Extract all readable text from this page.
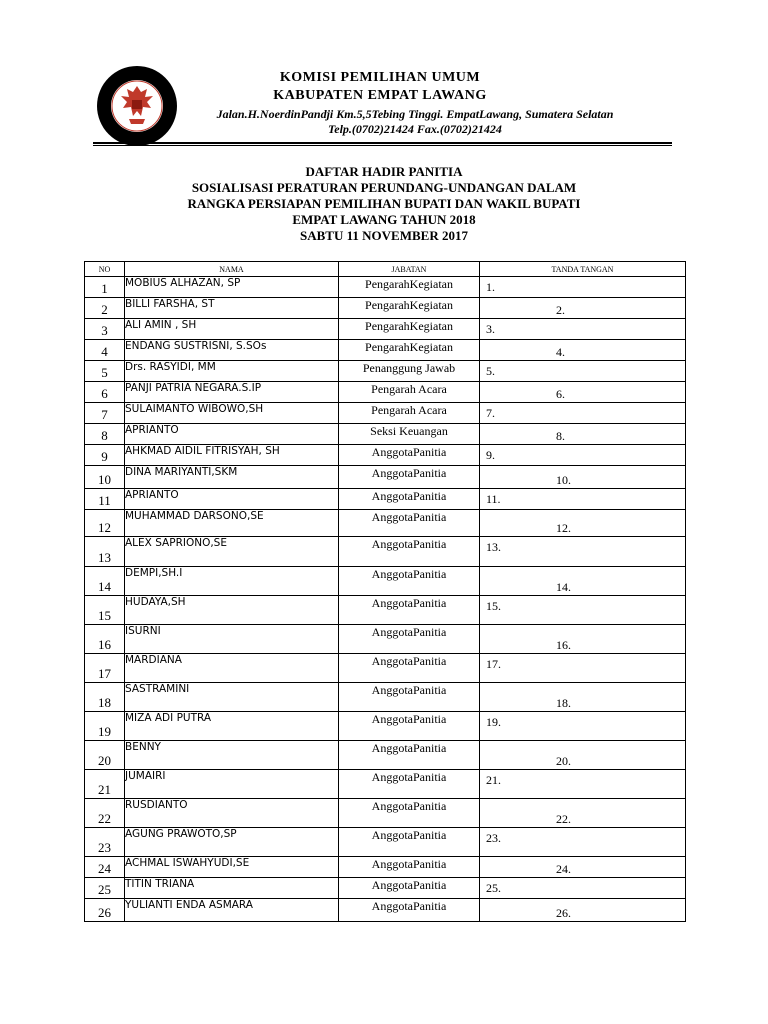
KOMISI PEMILIHAN UMUM
KABUPATEN EMPAT LAWANG
Jalan.H.NoerdinPandji Km.5,5Tebing Tinggi. EmpatLawang, Sumatera Selatan
Telp.(0702)21424 Fax.(0702)21424
DAFTAR HADIR PANITIA
SOSIALISASI PERATURAN PERUNDANG-UNDANGAN DALAM
RANGKA PERSIAPAN PEMILIHAN BUPATI DAN WAKIL BUPATI
EMPAT LAWANG TAHUN 2018
SABTU 11 NOVEMBER 2017
NO	NAMA	JABATAN	TANDA TANGAN
1	MOBIUS ALHAZAN, SP	PengarahKegiatan	1.

2	BILLI FARSHA, ST	PengarahKegiatan	2.

3	ALI AMIN , SH	PengarahKegiatan	3.

4	ENDANG SUSTRISNI, S.SOs	PengarahKegiatan	4.

5	Drs. RASYIDI, MM	Penanggung Jawab	5.

6	PANJI PATRIA NEGARA.S.IP	Pengarah Acara	6.

7	SULAIMANTO WIBOWO,SH	Pengarah Acara	7.

8	APRIANTO	Seksi Keuangan	8.

9	AHKMAD AIDIL FITRISYAH, SH	AnggotaPanitia	9.

10	DINA MARIYANTI,SKM	AnggotaPanitia	10.

11	APRIANTO	AnggotaPanitia	11.

12	MUHAMMAD DARSONO,SE	AnggotaPanitia	12.

13	ALEX SAPRIONO,SE	AnggotaPanitia	13.

14	DEMPI,SH.I	AnggotaPanitia	14.

15	HUDAYA,SH	AnggotaPanitia	15.

16	ISURNI	AnggotaPanitia	16.

17	MARDIANA	AnggotaPanitia	17.

18	SASTRAMINI	AnggotaPanitia	18.

19	MIZA ADI PUTRA	AnggotaPanitia	19.

20	BENNY	AnggotaPanitia	20.

21	JUMAIRI	AnggotaPanitia	21.

22	RUSDIANTO	AnggotaPanitia	22.

23	AGUNG PRAWOTO,SP	AnggotaPanitia	23.

24	ACHMAL ISWAHYUDI,SE	AnggotaPanitia	24.

25	TITIN TRIANA	AnggotaPanitia	25.

26	YULIANTI ENDA ASMARA	AnggotaPanitia	26.
